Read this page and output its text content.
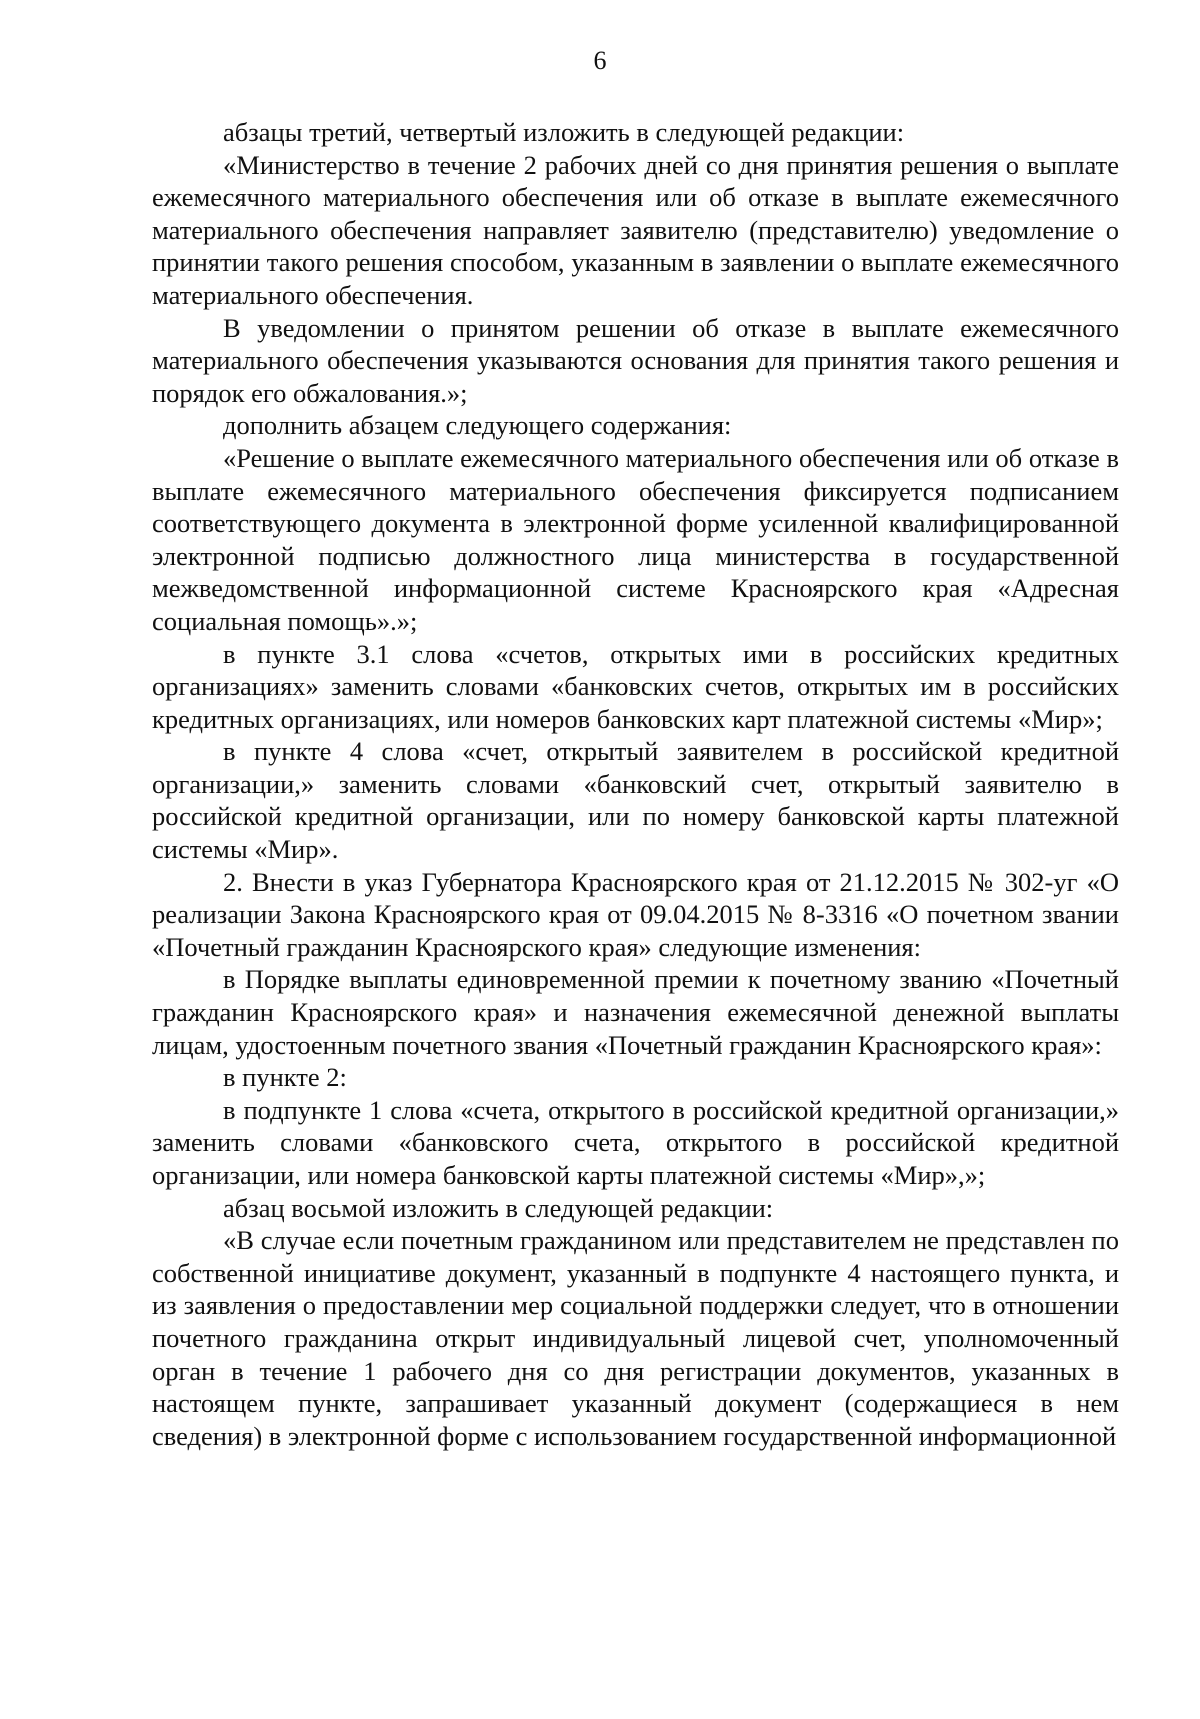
6

абзацы третий, четвертый изложить в следующей редакции:

«Министерство в течение 2 рабочих дней со дня принятия решения о выплате ежемесячного материального обеспечения или об отказе в выплате ежемесячного материального обеспечения направляет заявителю (представителю) уведомление о принятии такого решения способом, указанным в заявлении о выплате ежемесячного материального обеспечения.

В уведомлении о принятом решении об отказе в выплате ежемесячного материального обеспечения указываются основания для принятия такого решения и порядок его обжалования.»;

дополнить абзацем следующего содержания:

«Решение о выплате ежемесячного материального обеспечения или об отказе в выплате ежемесячного материального обеспечения фиксируется подписанием соответствующего документа в электронной форме усиленной квалифицированной электронной подписью должностного лица министерства в государственной межведомственной информационной системе Красноярского края «Адресная социальная помощь».»;

в пункте 3.1 слова «счетов, открытых ими в российских кредитных организациях» заменить словами «банковских счетов, открытых им в российских кредитных организациях, или номеров банковских карт платежной системы «Мир»;

в пункте 4 слова «счет, открытый заявителем в российской кредитной организации,» заменить словами «банковский счет, открытый заявителю в российской кредитной организации, или по номеру банковской карты платежной системы «Мир».

2. Внести в указ Губернатора Красноярского края от 21.12.2015 № 302-уг «О реализации Закона Красноярского края от 09.04.2015 № 8-3316 «О почетном звании «Почетный гражданин Красноярского края» следующие изменения:

в Порядке выплаты единовременной премии к почетному званию «Почетный гражданин Красноярского края» и назначения ежемесячной денежной выплаты лицам, удостоенным почетного звания «Почетный гражданин Красноярского края»:

в пункте 2:

в подпункте 1 слова «счета, открытого в российской кредитной организации,» заменить словами «банковского счета, открытого в российской кредитной организации, или номера банковской карты платежной системы «Мир»,»;

абзац восьмой изложить в следующей редакции:

«В случае если почетным гражданином или представителем не представлен по собственной инициативе документ, указанный в подпункте 4 настоящего пункта, и из заявления о предоставлении мер социальной поддержки следует, что в отношении почетного гражданина открыт индивидуальный лицевой счет, уполномоченный орган в течение 1 рабочего дня со дня регистрации документов, указанных в настоящем пункте, запрашивает указанный документ (содержащиеся в нем сведения) в электронной форме с использованием государственной информационной
